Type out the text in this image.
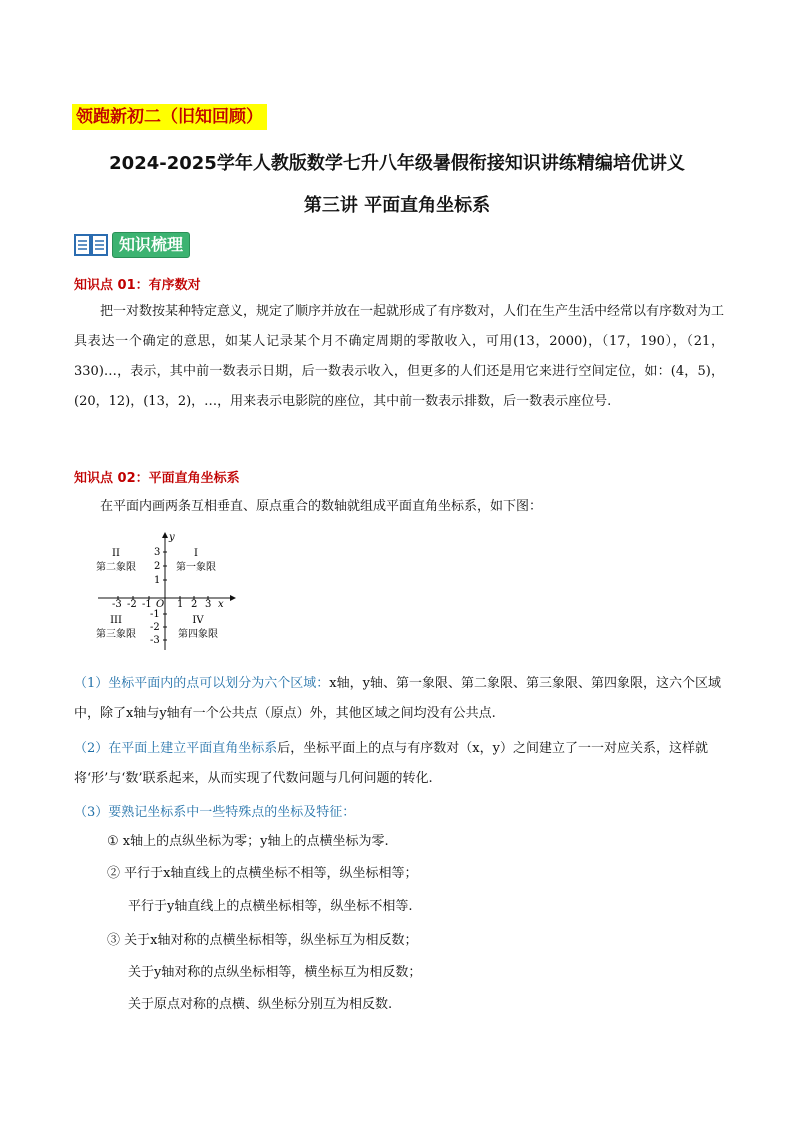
领跑新初二（旧知回顾）
2024-2025学年人教版数学七升八年级暑假衔接知识讲练精编培优讲义
第三讲 平面直角坐标系
知识梳理
知识点 01：有序数对
把一对数按某种特定意义，规定了顺序并放在一起就形成了有序数对，人们在生产生活中经常以有序数对为工具表达一个确定的意思，如某人记录某个月不确定周期的零散收入，可用(13，2000)，（17，190），（21，330)…，表示，其中前一数表示日期，后一数表示收入，但更多的人们还是用它来进行空间定位，如：(4，5)，(20，12)，(13，2)，…，用来表示电影院的座位，其中前一数表示排数，后一数表示座位号.
知识点 02：平面直角坐标系
在平面内画两条互相垂直、原点重合的数轴就组成平面直角坐标系，如下图：
-3 -2 -1	1 2 3
3
2
1
-1
-2
-3
O	x
y
I
第一象限
II
第二象限
III
第三象限
IV
第四象限
（1）坐标平面内的点可以划分为六个区域：x轴，y轴、第一象限、第二象限、第三象限、第四象限，这六个区域中，除了x轴与y轴有一个公共点（原点）外，其他区域之间均没有公共点.
（2）在平面上建立平面直角坐标系后，坐标平面上的点与有序数对（x，y）之间建立了一一对应关系，这样就将‘形’与‘数’联系起来，从而实现了代数问题与几何问题的转化.
（3）要熟记坐标系中一些特殊点的坐标及特征：
① x轴上的点纵坐标为零；y轴上的点横坐标为零.
② 平行于x轴直线上的点横坐标不相等，纵坐标相等；
平行于y轴直线上的点横坐标相等，纵坐标不相等.
③ 关于x轴对称的点横坐标相等，纵坐标互为相反数；
关于y轴对称的点纵坐标相等，横坐标互为相反数；
关于原点对称的点横、纵坐标分别互为相反数.
